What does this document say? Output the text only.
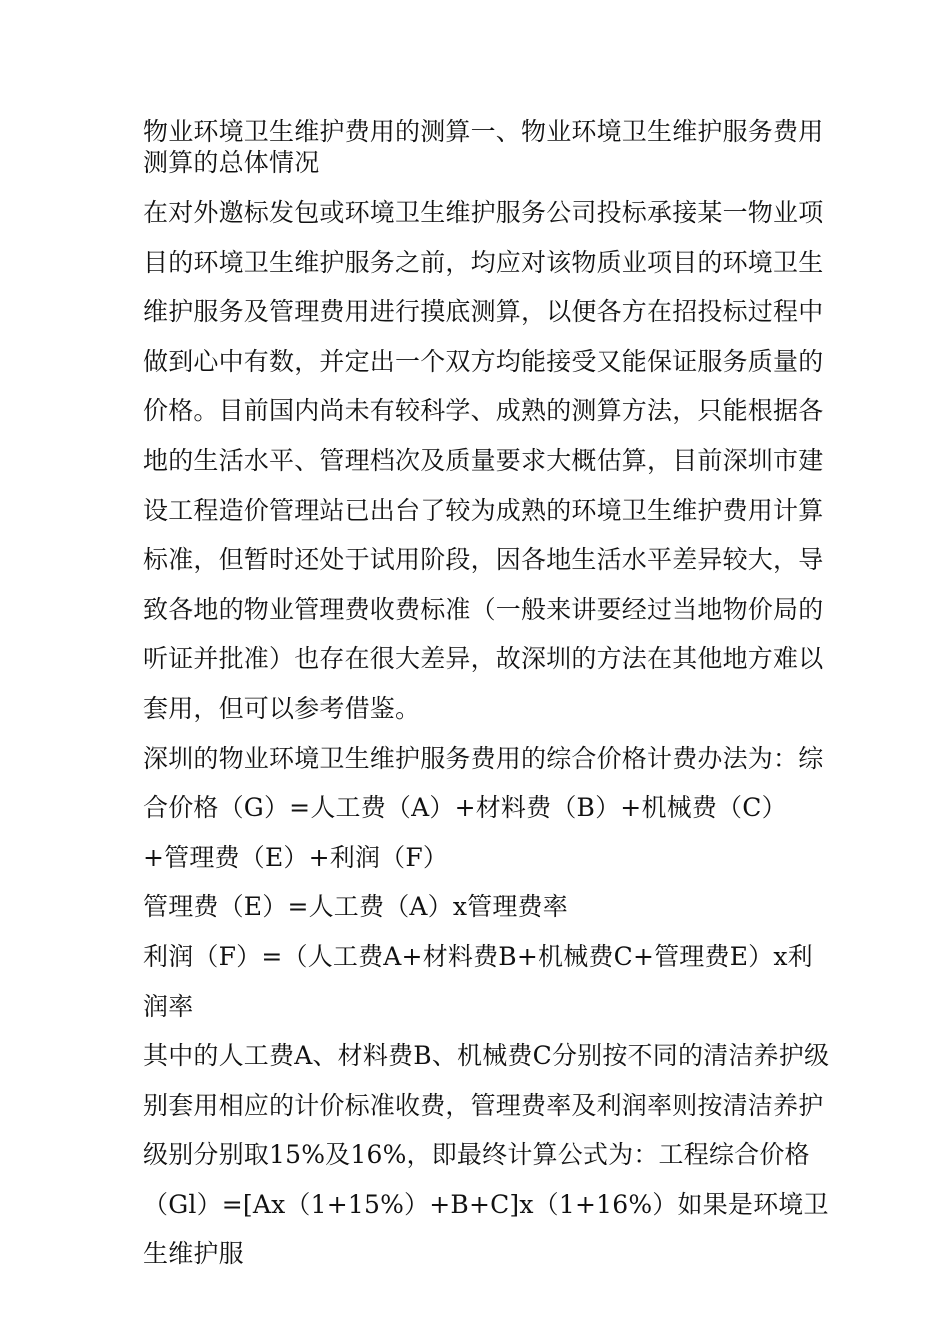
物业环境卫生维护费用的测算一、物业环境卫生维护服务费用测算的总体情况

在对外邀标发包或环境卫生维护服务公司投标承接某一物业项目的环境卫生维护服务之前，均应对该物质业项目的环境卫生维护服务及管理费用进行摸底测算，以便各方在招投标过程中做到心中有数，并定出一个双方均能接受又能保证服务质量的价格。目前国内尚未有较科学、成熟的测算方法，只能根据各地的生活水平、管理档次及质量要求大概估算，目前深圳市建设工程造价管理站已出台了较为成熟的环境卫生维护费用计算标准，但暂时还处于试用阶段，因各地生活水平差异较大，导致各地的物业管理费收费标准（一般来讲要经过当地物价局的听证并批准）也存在很大差异，故深圳的方法在其他地方难以套用，但可以参考借鉴。

深圳的物业环境卫生维护服务费用的综合价格计费办法为：综合价格（G）=人工费（A）+材料费（B）+机械费（C）+管理费（E）+利润（F）

管理费（E）=人工费（A）x管理费率

利润（F）=（人工费A+材料费B+机械费C+管理费E）x利润率

其中的人工费A、材料费B、机械费C分别按不同的清洁养护级别套用相应的计价标准收费，管理费率及利润率则按清洁养护级别分别取15%及16%，即最终计算公式为：工程综合价格（Gl）=[Ax（1+15%）+B+C]x（1+16%）如果是环境卫生维护服
